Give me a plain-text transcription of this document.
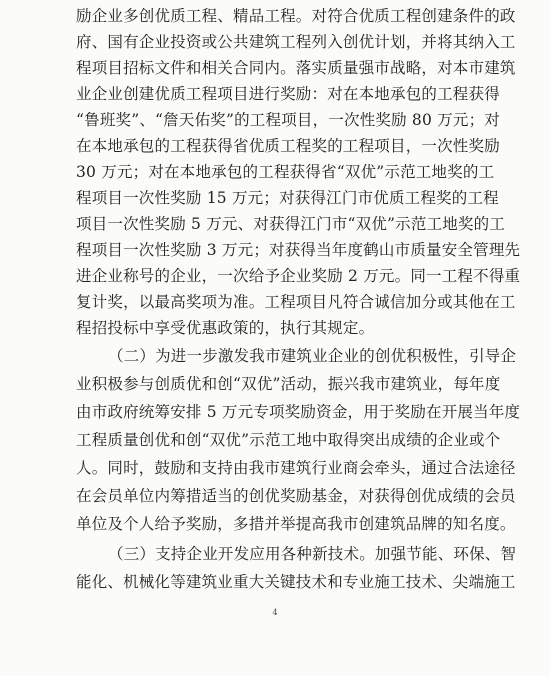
励企业多创优质工程、精品工程。对符合优质工程创建条件的政
府、国有企业投资或公共建筑工程列入创优计划，并将其纳入工
程项目招标文件和相关合同内。落实质量强市战略，对本市建筑
业企业创建优质工程项目进行奖励：对在本地承包的工程获得
“鲁班奖”、“詹天佑奖”的工程项目，一次性奖励 80 万元；对
在本地承包的工程获得省优质工程奖的工程项目，一次性奖励
30 万元；对在本地承包的工程获得省“双优”示范工地奖的工
程项目一次性奖励 15 万元；对获得江门市优质工程奖的工程
项目一次性奖励 5 万元、对获得江门市“双优”示范工地奖的工
程项目一次性奖励 3 万元；对获得当年度鹤山市质量安全管理先
进企业称号的企业，一次给予企业奖励 2 万元。同一工程不得重
复计奖，以最高奖项为准。工程项目凡符合诚信加分或其他在工
程招投标中享受优惠政策的，执行其规定。
（二）为进一步激发我市建筑业企业的创优积极性，引导企
业积极参与创质优和创“双优”活动，振兴我市建筑业，每年度
由市政府统筹安排 5 万元专项奖励资金，用于奖励在开展当年度
工程质量创优和创“双优”示范工地中取得突出成绩的企业或个
人。同时，鼓励和支持由我市建筑行业商会牵头，通过合法途径
在会员单位内筹措适当的创优奖励基金，对获得创优成绩的会员
单位及个人给予奖励，多措并举提高我市创建筑品牌的知名度。
（三）支持企业开发应用各种新技术。加强节能、环保、智
能化、机械化等建筑业重大关键技术和专业施工技术、尖端施工
4
